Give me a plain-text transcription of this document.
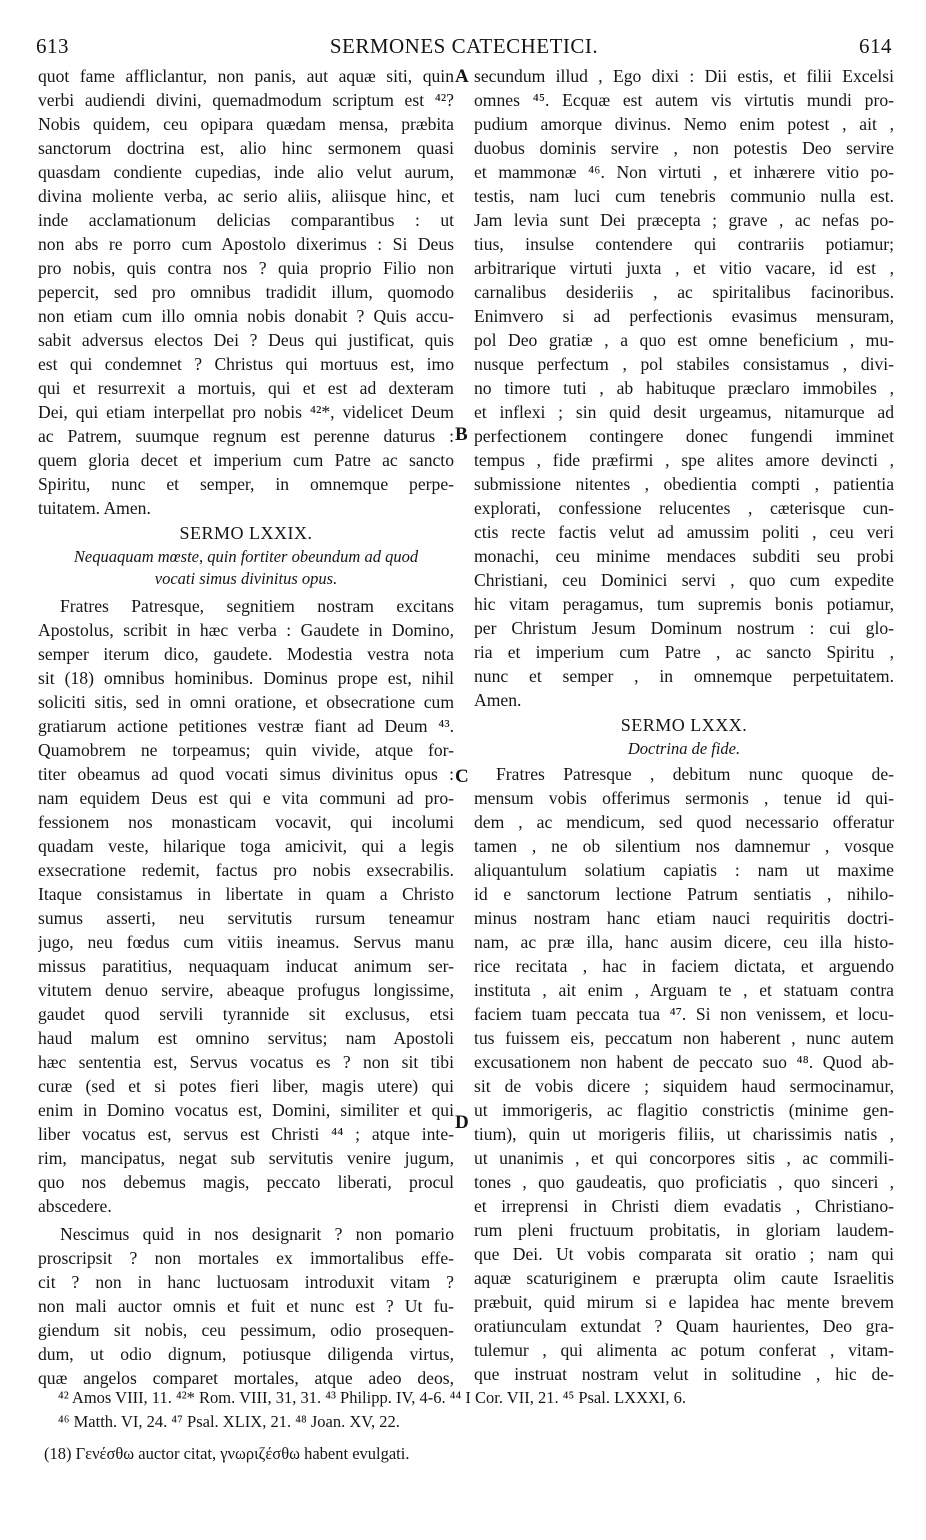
613	SERMONES CATECHETICI.	614
A
B
C
D
quot fame affliclantur, non panis, aut aquæ siti, quin
verbi audiendi divini, quemadmodum scriptum est ⁴²?
Nobis quidem, ceu opipara quædam mensa, præbita
sanctorum doctrina est, alio hinc sermonem quasi
quasdam condiente cupedias, inde alio velut aurum,
divina moliente verba, ac serio aliis, aliisque hinc, et
inde acclamationum delicias comparantibus : ut
non abs re porro cum Apostolo dixerimus : Si Deus
pro nobis, quis contra nos ? quia proprio Filio non
pepercit, sed pro omnibus tradidit illum, quomodo
non etiam cum illo omnia nobis donabit ? Quis accu-
sabit adversus electos Dei ? Deus qui justificat, quis
est qui condemnet ? Christus qui mortuus est, imo
qui et resurrexit a mortuis, qui et est ad dexteram
Dei, qui etiam interpellat pro nobis ⁴²*, videlicet Deum
ac Patrem, suumque regnum est perenne daturus :
quem gloria decet et imperium cum Patre ac sancto
Spiritu, nunc et semper, in omnemque perpe-
tuitatem. Amen.
SERMO LXXIX.
Nequaquam mœste, quin fortiter obeundum ad quod
vocati simus divinitus opus.
Fratres Patresque, segnitiem nostram excitans
Apostolus, scribit in hæc verba : Gaudete in Domino,
semper iterum dico, gaudete. Modestia vestra nota
sit (18) omnibus hominibus. Dominus prope est, nihil
soliciti sitis, sed in omni oratione, et obsecratione cum
gratiarum actione petitiones vestræ fiant ad Deum ⁴³.
Quamobrem ne torpeamus; quin vivide, atque for-
titer obeamus ad quod vocati simus divinitus opus :
nam equidem Deus est qui e vita communi ad pro-
fessionem nos monasticam vocavit, qui incolumi
quadam veste, hilarique toga amicivit, qui a legis
exsecratione redemit, factus pro nobis exsecrabilis.
Itaque consistamus in libertate in quam a Christo
sumus asserti, neu servitutis rursum teneamur
jugo, neu fœdus cum vitiis ineamus. Servus manu
missus paratitius, nequaquam inducat animum ser-
vitutem denuo servire, abeaque profugus longissime,
gaudet quod servili tyrannide sit exclusus, etsi
haud malum est omnino servitus; nam Apostoli
hæc sententia est, Servus vocatus es ? non sit tibi
curæ (sed et si potes fieri liber, magis utere) qui
enim in Domino vocatus est, Domini, similiter et qui
liber vocatus est, servus est Christi ⁴⁴ ; atque inte-
rim, mancipatus, negat sub servitutis venire jugum,
quo nos debemus magis, peccato liberati, procul
abscedere.
Nescimus quid in nos designarit ? non pomario
proscripsit ? non mortales ex immortalibus effe-
cit ? non in hanc luctuosam introduxit vitam ?
non mali auctor omnis et fuit et nunc est ? Ut fu-
giendum sit nobis, ceu pessimum, odio prosequen-
dum, ut odio dignum, potiusque diligenda virtus,
quæ angelos comparet mortales, atque adeo deos,
secundum illud , Ego dixi : Dii estis, et filii Excelsi
omnes ⁴⁵. Ecquæ est autem vis virtutis mundi pro-
pudium amorque divinus. Nemo enim potest , ait ,
duobus dominis servire , non potestis Deo servire
et mammonæ ⁴⁶. Non virtuti , et inhærere vitio po-
testis, nam luci cum tenebris communio nulla est.
Jam levia sunt Dei præcepta ; grave , ac nefas po-
tius, insulse contendere qui contrariis potiamur;
arbitrarique virtuti juxta , et vitio vacare, id est ,
carnalibus desideriis , ac spiritalibus facinoribus.
Enimvero si ad perfectionis evasimus mensuram,
pol Deo gratiæ , a quo est omne beneficium , mu-
nusque perfectum , pol stabiles consistamus , divi-
no timore tuti , ab habituque præclaro immobiles ,
et inflexi ; sin quid desit urgeamus, nitamurque ad
perfectionem contingere donec fungendi imminet
tempus , fide præfirmi , spe alites amore devincti ,
submissione nitentes , obedientia compti , patientia
explorati, confessione relucentes , cæterisque cun-
ctis recte factis velut ad amussim politi , ceu veri
monachi, ceu minime mendaces subditi seu probi
Christiani, ceu Dominici servi , quo cum expedite
hic vitam peragamus, tum supremis bonis potiamur,
per Christum Jesum Dominum nostrum : cui glo-
ria et imperium cum Patre , ac sancto Spiritu ,
nunc et semper , in omnemque perpetuitatem.
Amen.
SERMO LXXX.
Doctrina de fide.
Fratres Patresque , debitum nunc quoque de-
mensum vobis offerimus sermonis , tenue id qui-
dem , ac mendicum, sed quod necessario offeratur
tamen , ne ob silentium nos damnemur , vosque
aliquantulum solatium capiatis : nam ut maxime
id e sanctorum lectione Patrum sentiatis , nihilo-
minus nostram hanc etiam nauci requiritis doctri-
nam, ac præ illa, hanc ausim dicere, ceu illa histo-
rice recitata , hac in faciem dictata, et arguendo
instituta , ait enim , Arguam te , et statuam contra
faciem tuam peccata tua ⁴⁷. Si non venissem, et locu-
tus fuissem eis, peccatum non haberent , nunc autem
excusationem non habent de peccato suo ⁴⁸. Quod ab-
sit de vobis dicere ; siquidem haud sermocinamur,
ut immorigeris, ac flagitio constrictis (minime gen-
tium), quin ut morigeris filiis, ut charissimis natis ,
ut unanimis , et qui concorpores sitis , ac commili-
tones , quo gaudeatis, quo proficiatis , quo sinceri ,
et irreprensi in Christi diem evadatis , Christiano-
rum pleni fructuum probitatis, in gloriam laudem-
que Dei. Ut vobis comparata sit oratio ; nam qui
aquæ scaturiginem e prærupta olim caute Israelitis
præbuit, quid mirum si e lapidea hac mente brevem
oratiunculam extundat ? Quam haurientes, Deo gra-
tulemur , qui alimenta ac potum conferat , vitam-
que instruat nostram velut in solitudine , hic de-
⁴² Amos VIII, 11. ⁴²* Rom. VIII, 31, 31. ⁴³ Philipp. IV, 4-6. ⁴⁴ I Cor. VII, 21. ⁴⁵ Psal. LXXXI, 6.
⁴⁶ Matth. VI, 24. ⁴⁷ Psal. XLIX, 21. ⁴⁸ Joan. XV, 22.
(18) Γενέσθω auctor citat, γνωριζέσθω habent evulgati.
